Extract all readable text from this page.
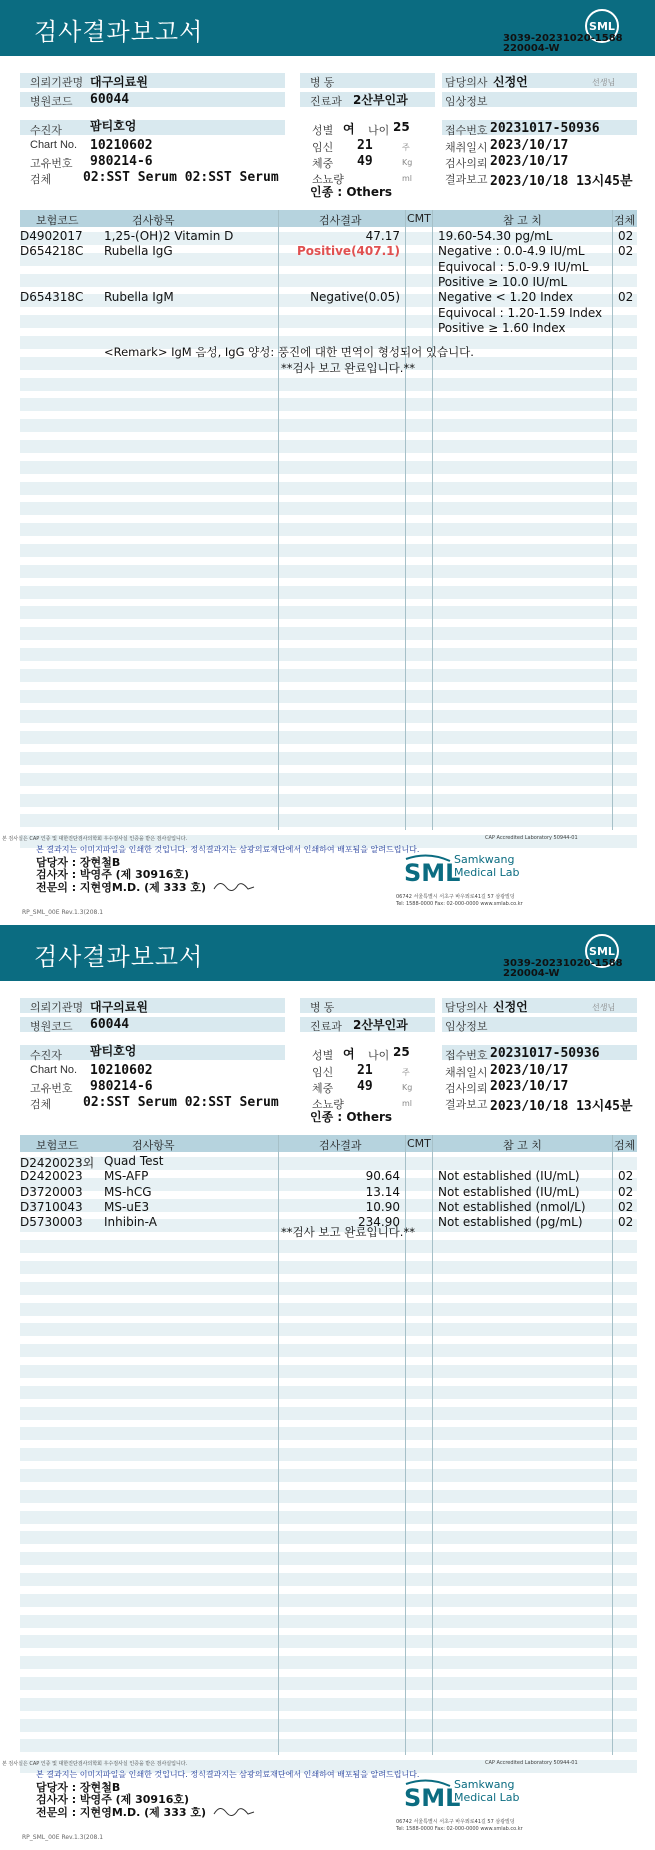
검사결과보고서	SML
3039-20231020-1588
220004-W
의뢰기관명 대구의료원
병원코드 60044
병 동
진료과 2산부인과
담당의사 신정언	선생님
임상정보
수진자 팜티호엉
Chart No. 10210602
고유번호 980214-6
검체 02:SST Serum 02:SST Serum
성별 여 나이 25
임신 21	주
체중 49	Kg
소뇨량	ml
인종 : Others
접수번호 20231017-50936
채취일시 2023/10/17
검사의뢰 2023/10/17
결과보고 2023/10/18 13시45분
보험코드	검사항목	검사결과	CMT	참 고 치	검체
D4902017 1,25-(OH)2 Vitamin D	47.17	19.60-54.30 pg/mL	02
D654218C Rubella IgG	Positive(407.1)	Negative : 0.0-4.9 IU/mL	02
Equivocal : 5.0-9.9 IU/mL
Positive ≥ 10.0 IU/mL
D654318C Rubella IgM	Negative(0.05)	Negative < 1.20 Index	02
Equivocal : 1.20-1.59 Index
Positive ≥ 1.60 Index
<Remark> IgM 음성, IgG 양성: 풍진에 대한 면역이 형성되어 있습니다.
**검사 보고 완료입니다.**
본 검사실은 CAP 인증 및 대한진단검사의학회 우수검사실 인증을 받은 검사실입니다.	CAP Accredited Laboratory 50944-01
본 결과지는 이미지파일을 인쇄한 것입니다. 정식결과지는 삼광의료재단에서 인쇄하여 배포됨을 알려드립니다.
담당자 : 장현철B
검사자 : 박영주 (제 30916호)
전문의 : 지현영M.D. (제 333 호)
SML
Samkwang
Medical Lab
06742 서울특별시 서초구 바우뫼로41길 57 삼광빌딩
Tel: 1588-0000 Fax: 02-000-0000 www.smlab.co.kr
RP_SML_00E Rev.1.3(208.1
검사결과보고서	SML
3039-20231020-1588
220004-W
의뢰기관명 대구의료원
병원코드 60044
병 동
진료과 2산부인과
담당의사 신정언	선생님
임상정보
수진자 팜티호엉
Chart No. 10210602
고유번호 980214-6
검체 02:SST Serum 02:SST Serum
성별 여 나이 25
임신 21	주
체중 49	Kg
소뇨량	ml
인종 : Others
접수번호 20231017-50936
채취일시 2023/10/17
검사의뢰 2023/10/17
결과보고 2023/10/18 13시45분
보험코드	검사항목	검사결과	CMT	참 고 치	검체
D2420023외 Quad Test
D2420023 MS-AFP	90.64	Not established (IU/mL)	02
D3720003 MS-hCG	13.14	Not established (IU/mL)	02
D3710043 MS-uE3	10.90	Not established (nmol/L)	02
D5730003 Inhibin-A	234.90	Not established (pg/mL)	02
**검사 보고 완료입니다.**
본 검사실은 CAP 인증 및 대한진단검사의학회 우수검사실 인증을 받은 검사실입니다.	CAP Accredited Laboratory 50944-01
본 결과지는 이미지파일을 인쇄한 것입니다. 정식결과지는 삼광의료재단에서 인쇄하여 배포됨을 알려드립니다.
담당자 : 장현철B
검사자 : 박영주 (제 30916호)
전문의 : 지현영M.D. (제 333 호)
SML
Samkwang
Medical Lab
06742 서울특별시 서초구 바우뫼로41길 57 삼광빌딩
Tel: 1588-0000 Fax: 02-000-0000 www.smlab.co.kr
RP_SML_00E Rev.1.3(208.1
